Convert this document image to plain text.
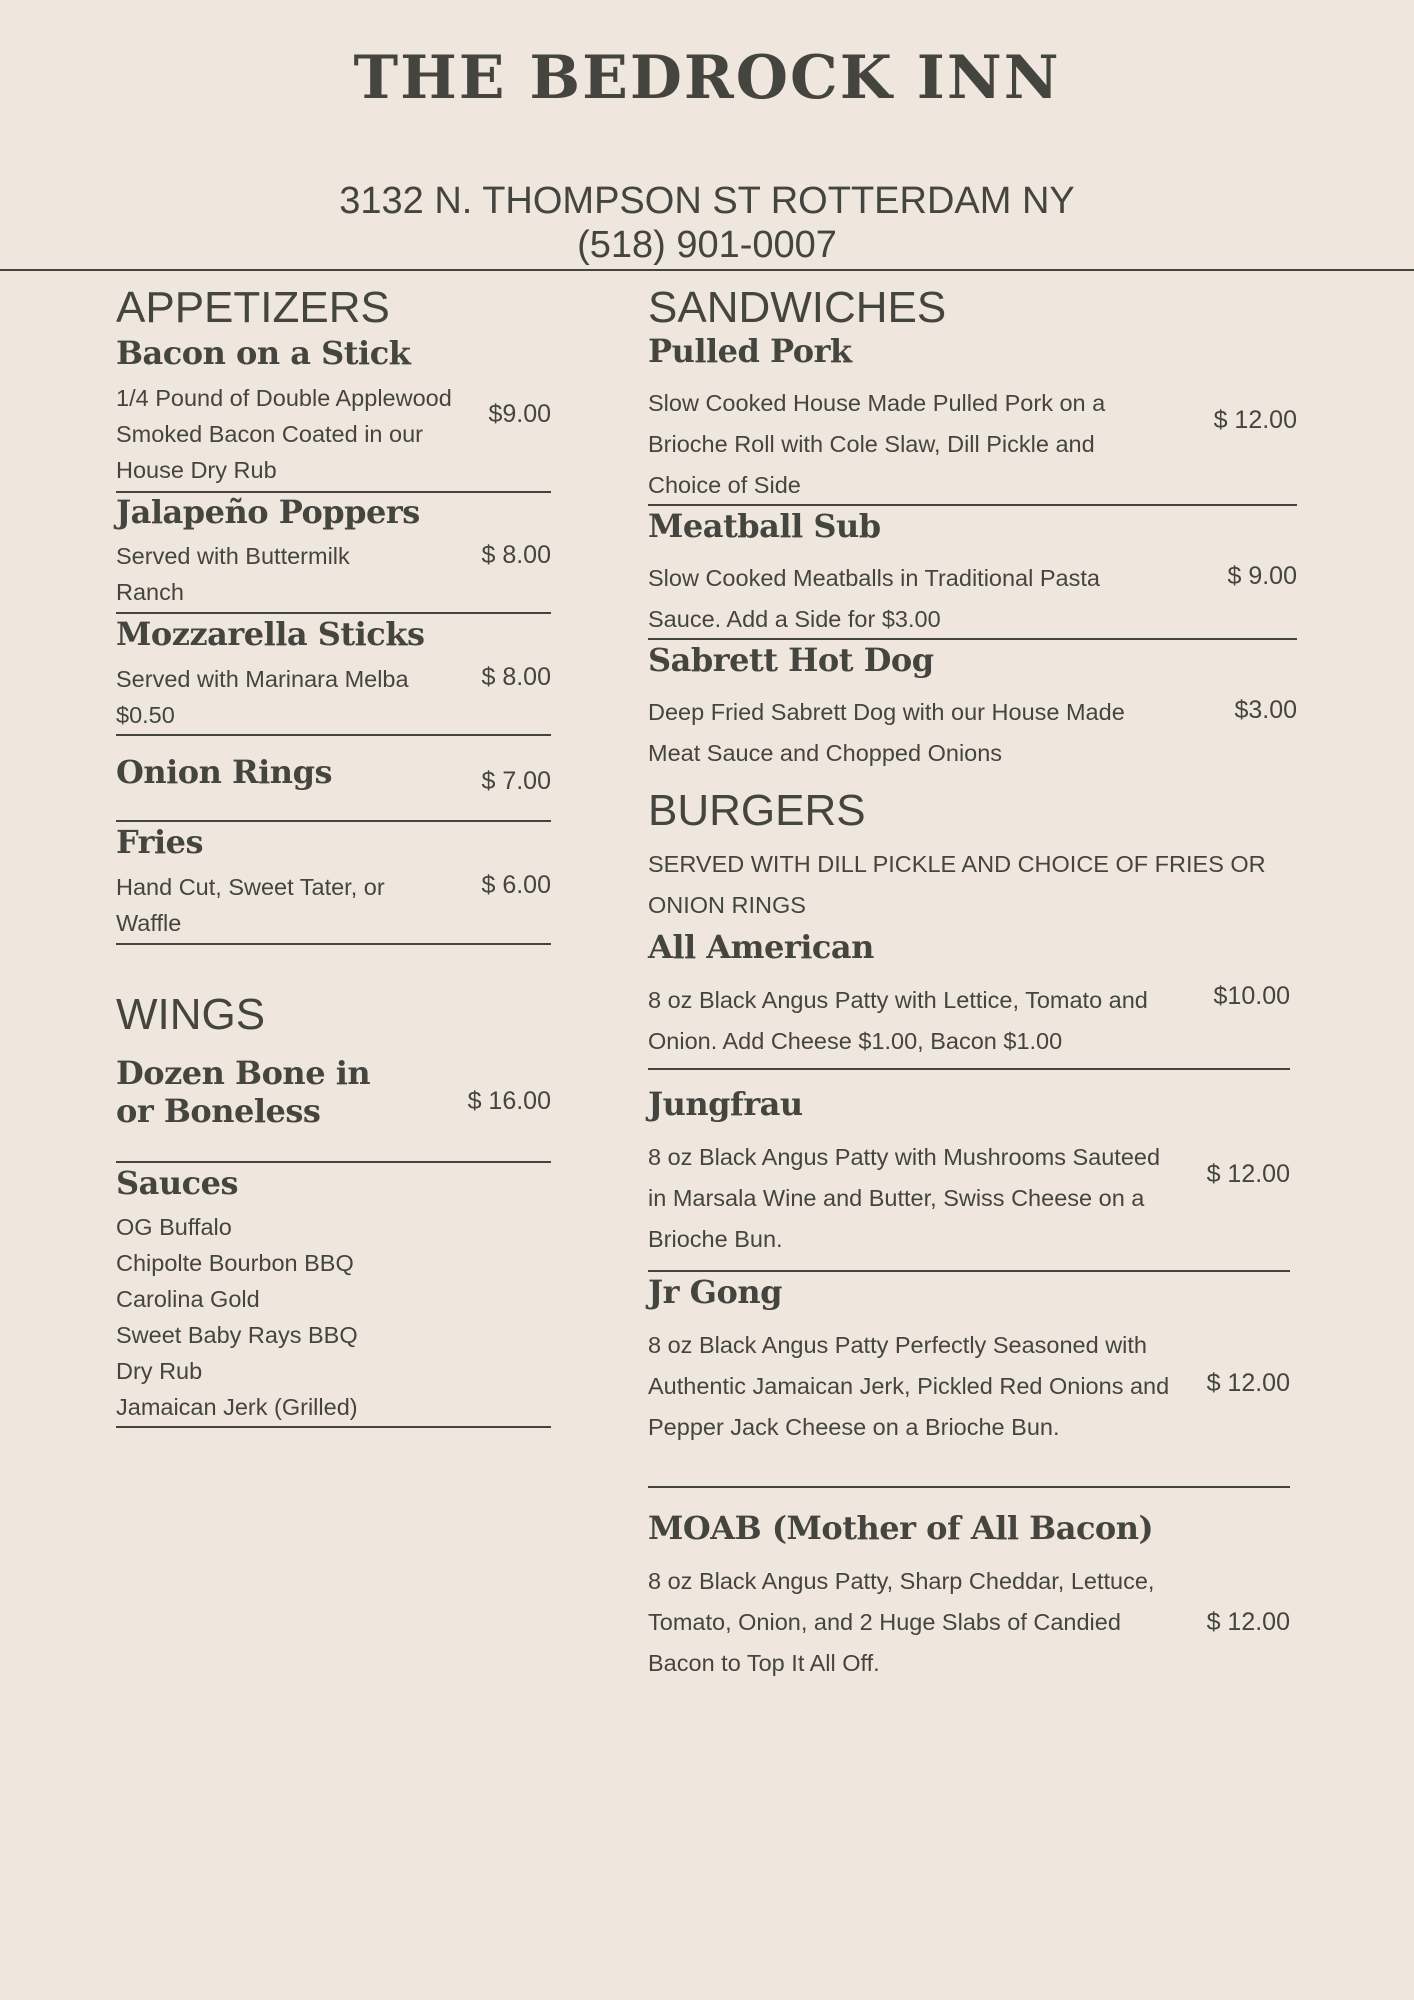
THE BEDROCK INN
3132 N. THOMPSON ST ROTTERDAM NY
(518) 901-0007
APPETIZERS
Bacon on a Stick
1/4 Pound of Double Applewood Smoked Bacon Coated in our House Dry Rub
$9.00
Jalapeño Poppers
Served with Buttermilk Ranch
$ 8.00
Mozzarella Sticks
Served with Marinara Melba $0.50
$ 8.00
Onion Rings	$ 7.00
Fries
Hand Cut, Sweet Tater, or Waffle
$ 6.00
WINGS
Dozen Bone in or Boneless	$ 16.00
Sauces
OG Buffalo
Chipolte Bourbon BBQ
Carolina Gold
Sweet Baby Rays BBQ
Dry Rub
Jamaican Jerk (Grilled)
SANDWICHES
Pulled Pork
Slow Cooked House Made Pulled Pork on a Brioche Roll with Cole Slaw, Dill Pickle and Choice of Side
$ 12.00
Meatball Sub
Slow Cooked Meatballs in Traditional Pasta Sauce. Add a Side for $3.00
$ 9.00
Sabrett Hot Dog
Deep Fried Sabrett Dog with our House Made Meat Sauce and Chopped Onions
$3.00
BURGERS
SERVED WITH DILL PICKLE AND CHOICE OF FRIES OR ONION RINGS
All American
8 oz Black Angus Patty with Lettice, Tomato and Onion. Add Cheese $1.00, Bacon $1.00
$10.00
Jungfrau
8 oz Black Angus Patty with Mushrooms Sauteed in Marsala Wine and Butter, Swiss Cheese on a Brioche Bun.
$ 12.00
Jr Gong
8 oz Black Angus Patty Perfectly Seasoned with Authentic Jamaican Jerk, Pickled Red Onions and Pepper Jack Cheese on a Brioche Bun.
$ 12.00
MOAB (Mother of All Bacon)
8 oz Black Angus Patty, Sharp Cheddar, Lettuce, Tomato, Onion, and 2 Huge Slabs of Candied Bacon to Top It All Off.
$ 12.00
